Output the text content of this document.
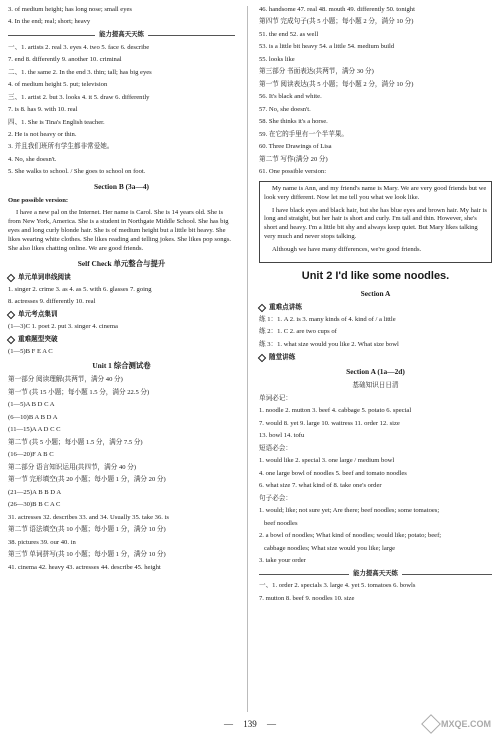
3. of medium height; has long nose; small eyes
4. In the end; real; short; heavy
能力提高天天练
一、1. artists 2. real 3. eyes 4. two 5. face 6. describe
7. end 8. differently 9. another 10. criminal
二、1. the same 2. In the end 3. thin; tall; has big eyes
4. of medium height 5. put; television
三、1. artist 2. but 3. looks 4. it 5. draw 6. differently
7. is 8. has 9. with 10. real
四、1. She is Tina's English teacher.
2. He is not heavy or thin.
3. 并且我们班所有学生都非常爱她。
4. No, she doesn't.
5. She walks to school. / She goes to school on foot.
Section B (3a—4)
One possible version:
I have a new pal on the Internet. Her name is Carol. She is 14 years old. She is from New York, America. She is a student in Northgate Middle School. She has big eyes and long curly blonde hair. She is of medium height but a little bit heavy. She likes wearing white clothes. She likes reading and telling jokes. She likes pop songs. She also likes chatting online. We are good friends.
Self Check 单元整合与提升
单元单词串线阅读
1. singer 2. crime 3. as 4. as 5. with 6. glasses 7. going
8. actresses 9. differently 10. real
单元考点集训
(1—3)C 1. poet 2. put 3. singer 4. cinema
重难题型突破
(1—5)B F E A C
Unit 1 综合测试卷
第一部分 阅读理解(共两节，满分 40 分)
第一节 (共 15 小题；每小题 1.5 分，满分 22.5 分)
(1—5)A B D C A
(6—10)B A B D A
(11—15)A A D C C
第二节 (共 5 小题；每小题 1.5 分，满分 7.5 分)
(16—20)F A B C
第二部分 语言知识运用(共四节，满分 40 分)
第一节 完形填空(共 20 小题；每小题 1 分，满分 20 分)
(21—25)A B B D A
(26—30)B B C A C
31. actresses 32. describes 33. and 34. Usually 35. take 36. is
第二节 语法填空(共 10 小题；每小题 1 分，满分 10 分)
38. pictures 39. our 40. in
第三节 单词拼写(共 10 小题；每小题 1 分，满分 10 分)
41. cinema 42. heavy 43. actresses 44. describe 45. height
46. handsome 47. real 48. mouth 49. differently 50. tonight
第四节 完成句子(共 5 小题；每小题 2 分，满分 10 分)
51. the end 52. as well
53. is a little bit heavy 54. a little 54. medium build
55. looks like
第三部分 书面表达(共两节，满分 30 分)
第一节 阅读表达(共 5 小题；每小题 2 分，满分 10 分)
56. It's black and white.
57. No, she doesn't.
58. She thinks it's a horse.
59. 在它的手里有一个半苹果。
60. Three Drawings of Lisa
第二节 写作(满分 20 分)
61. One possible version:
My name is Ann, and my friend's name is Mary. We are very good friends but we look very different. Now let me tell you what we look like.
I have black eyes and black hair, but she has blue eyes and brown hair. My hair is long and straight, but her hair is short and curly. I'm tall and thin. However, she's short and heavy. I'm a little bit shy and always keep quiet. But Mary likes talking very much and never stops talking.
Although we have many differences, we're good friends.
Unit 2 I'd like some noodles.
Section A
重难点讲练
练 1：1. A 2. is 3. many kinds of 4. kind of / a little
练 2：1. C 2. are two cups of
练 3：1. what size would you like 2. What size bowl
随堂讲练
Section A (1a—2d)
基础知识日日清
单词必记：
1. noodle 2. mutton 3. beef 4. cabbage 5. potato 6. special
7. would 8. yet 9. large 10. waitress 11. order 12. size
13. bowl 14. tofu
短语必会：
1. would like 2. special 3. one large / medium bowl
4. one large bowl of noodles 5. beef and tomato noodles
6. what size 7. what kind of 8. take one's order
句子必会：
1. would; like; not sure yet; Are there; beef noodles; some tomatoes;
beef noodles
2. a bowl of noodles; What kind of noodles; would like; potato; beef;
cabbage noodles; What size would you like; large
3. take your order
能力提高天天练
一、1. order 2. specials 3. large 4. yet 5. tomatoes 6. bowls
7. mutton 8. beef 9. noodles 10. size
— 139 —	MXQE.COM
